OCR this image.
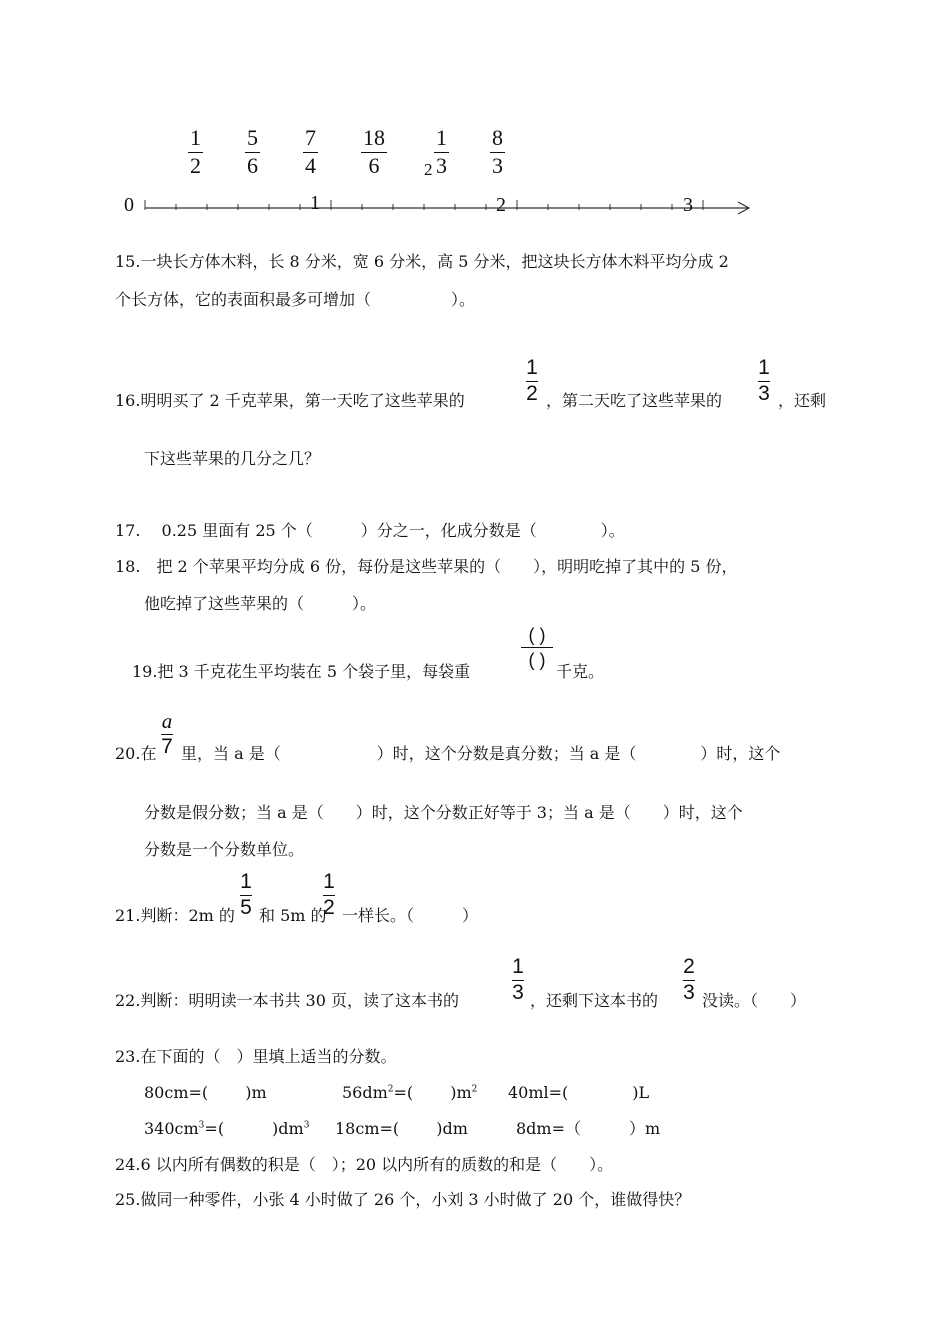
1
2
5
6
7
4
18
6	2
1
3
8
3
0	1	2	3
15.一块长方体木料，长 8 分米，宽 6 分米，高 5 分米，把这块长方体木料平均分成 2
个长方体，它的表面积最多可增加（　　　　　）。
16.明明买了 2 千克苹果，第一天吃了这些苹果的
1
2 ，第二天吃了这些苹果的
1
3 ，还剩
下这些苹果的几分之几？
17.　 0.25 里面有 25 个（　　　）分之一，化成分数是（　　　　）。
18.　把 2 个苹果平均分成 6 份，每份是这些苹果的（　　），明明吃掉了其中的 5 份，
他吃掉了这些苹果的（　　　）。
19.把 3 千克花生平均装在 5 个袋子里，每袋重
( )
( )
千克。
20.在
a
7 里，当 a 是（　　　　　　）时，这个分数是真分数；当 a 是（　　　　）时，这个
分数是假分数；当 a 是（　　）时，这个分数正好等于 3；当 a 是（　　）时，这个
分数是一个分数单位。
21.判断：2m 的
1
5 和 5m 的
1
2 一样长。（　　　）
22.判断：明明读一本书共 30 页，读了这本书的
1
3 ，还剩下这本书的
2
3 没读。（　　）
23.在下面的（　）里填上适当的分数。
80cm=(　　 )m	$56dm^2=$(　　 )$m^2$ 40ml=(　　　　)L
$340cm^3=$(　　　)$dm^3$ 18cm=(　　 )dm	8dm=（　　　）m
24.6 以内所有偶数的积是（　）；20 以内所有的质数的和是（　　）。
25.做同一种零件，小张 4 小时做了 26 个，小刘 3 小时做了 20 个，谁做得快？
